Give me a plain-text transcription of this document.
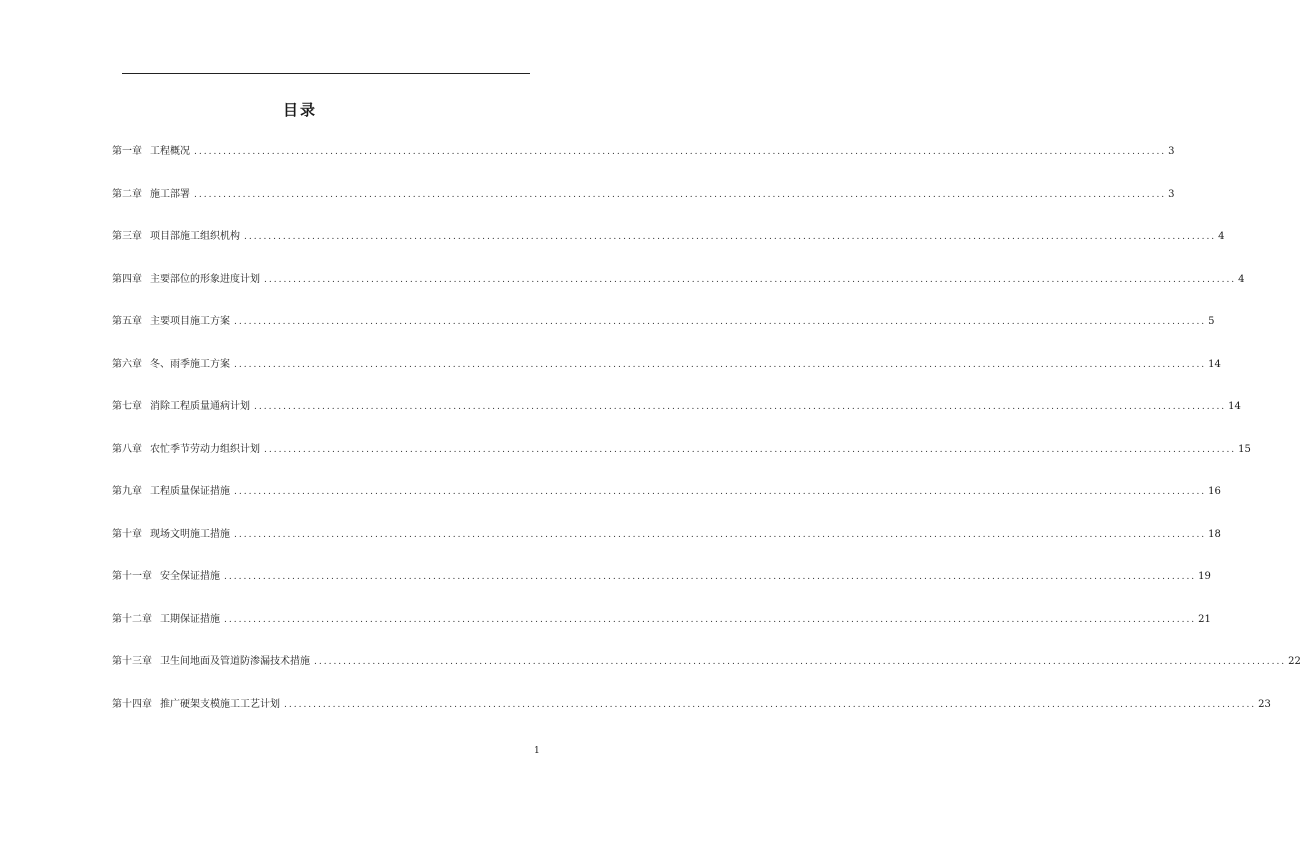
目录
第一章 工程概况 ........................................................................................................................................................................................................ 3
第二章 施工部署 ........................................................................................................................................................................................................ 3
第三章 项目部施工组织机构 ........................................................................................................................................................................................................ 4
第四章 主要部位的形象进度计划 ........................................................................................................................................................................................................ 4
第五章 主要项目施工方案 ........................................................................................................................................................................................................ 5
第六章 冬、雨季施工方案 ........................................................................................................................................................................................................ 14
第七章 消除工程质量通病计划 ........................................................................................................................................................................................................ 14
第八章 农忙季节劳动力组织计划 ........................................................................................................................................................................................................ 15
第九章 工程质量保证措施 ........................................................................................................................................................................................................ 16
第十章 现场文明施工措施 ........................................................................................................................................................................................................ 18
第十一章 安全保证措施 ........................................................................................................................................................................................................ 19
第十二章 工期保证措施 ........................................................................................................................................................................................................ 21
第十三章 卫生间地面及管道防渗漏技术措施 ........................................................................................................................................................................................................ 22
第十四章 推广硬架支模施工工艺计划 ........................................................................................................................................................................................................ 23
1
